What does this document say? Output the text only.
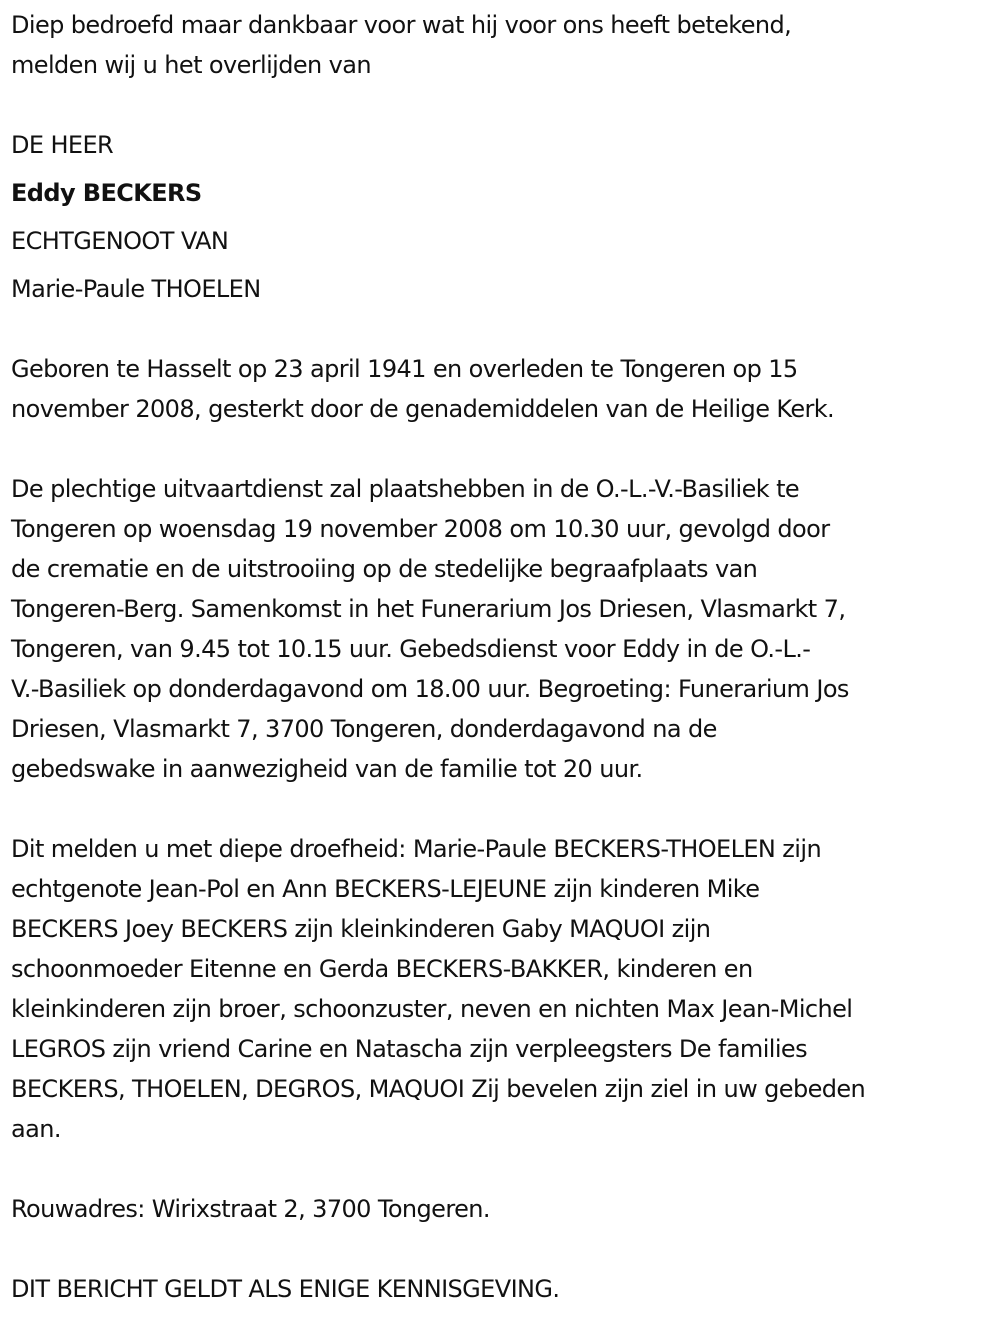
Diep bedroefd maar dankbaar voor wat hij voor ons heeft betekend,
melden wij u het overlijden van
DE HEER
Eddy BECKERS
ECHTGENOOT VAN
Marie-Paule THOELEN
Geboren te Hasselt op 23 april 1941 en overleden te Tongeren op 15
november 2008, gesterkt door de genademiddelen van de Heilige Kerk.
De plechtige uitvaartdienst zal plaatshebben in de O.-L.-V.-Basiliek te
Tongeren op woensdag 19 november 2008 om 10.30 uur, gevolgd door
de crematie en de uitstrooiing op de stedelijke begraafplaats van
Tongeren-Berg. Samenkomst in het Funerarium Jos Driesen, Vlasmarkt 7,
Tongeren, van 9.45 tot 10.15 uur. Gebedsdienst voor Eddy in de O.-L.-
V.-Basiliek op donderdagavond om 18.00 uur. Begroeting: Funerarium Jos
Driesen, Vlasmarkt 7, 3700 Tongeren, donderdagavond na de
gebedswake in aanwezigheid van de familie tot 20 uur.
Dit melden u met diepe droefheid: Marie-Paule BECKERS-THOELEN zijn
echtgenote Jean-Pol en Ann BECKERS-LEJEUNE zijn kinderen Mike
BECKERS Joey BECKERS zijn kleinkinderen Gaby MAQUOI zijn
schoonmoeder Eitenne en Gerda BECKERS-BAKKER, kinderen en
kleinkinderen zijn broer, schoonzuster, neven en nichten Max Jean-Michel
LEGROS zijn vriend Carine en Natascha zijn verpleegsters De families
BECKERS, THOELEN, DEGROS, MAQUOI Zij bevelen zijn ziel in uw gebeden
aan.
Rouwadres: Wirixstraat 2, 3700 Tongeren.
DIT BERICHT GELDT ALS ENIGE KENNISGEVING.
